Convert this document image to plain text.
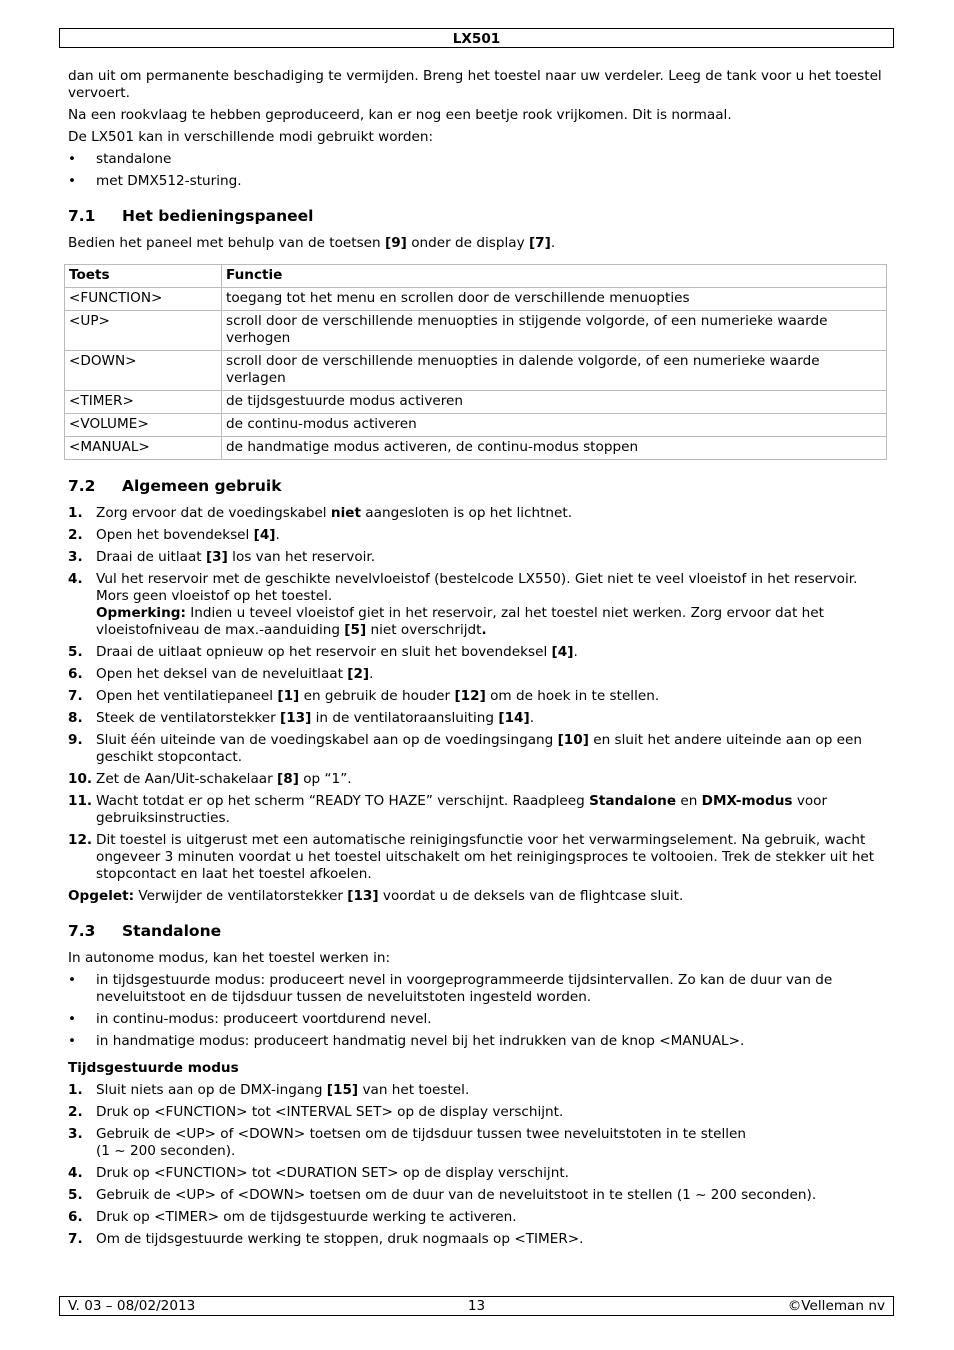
LX501

dan uit om permanente beschadiging te vermijden. Breng het toestel naar uw verdeler. Leeg de tank voor u het toestel vervoert.

Na een rookvlaag te hebben geproduceerd, kan er nog een beetje rook vrijkomen. Dit is normaal.

De LX501 kan in verschillende modi gebruikt worden:

• standalone
• met DMX512-sturing.
7.1 Het bedieningspaneel

Bedien het paneel met behulp van de toetsen [9] onder de display [7].

Toets	Functie
<FUNCTION>	toegang tot het menu en scrollen door de verschillende menuopties
<UP>	scroll door de verschillende menuopties in stijgende volgorde, of een numerieke waarde verhogen
<DOWN>	scroll door de verschillende menuopties in dalende volgorde, of een numerieke waarde verlagen
<TIMER>	de tijdsgestuurde modus activeren
<VOLUME>	de continu-modus activeren
<MANUAL>	de handmatige modus activeren, de continu-modus stoppen
7.2 Algemeen gebruik
1. Zorg ervoor dat de voedingskabel niet aangesloten is op het lichtnet.
2. Open het bovendeksel [4].
3. Draai de uitlaat [3] los van het reservoir.
4. Vul het reservoir met de geschikte nevelvloeistof (bestelcode LX550). Giet niet te veel vloeistof in het reservoir. Mors geen vloeistof op het toestel.
Opmerking: Indien u teveel vloeistof giet in het reservoir, zal het toestel niet werken. Zorg ervoor dat het vloeistofniveau de max.-aanduiding [5] niet overschrijdt.
5. Draai de uitlaat opnieuw op het reservoir en sluit het bovendeksel [4].
6. Open het deksel van de neveluitlaat [2].
7. Open het ventilatiepaneel [1] en gebruik de houder [12] om de hoek in te stellen.
8. Steek de ventilatorstekker [13] in de ventilatoraansluiting [14].
9. Sluit één uiteinde van de voedingskabel aan op de voedingsingang [10] en sluit het andere uiteinde aan op een geschikt stopcontact.
10. Zet de Aan/Uit-schakelaar [8] op “1”.
11. Wacht totdat er op het scherm “READY TO HAZE” verschijnt. Raadpleeg Standalone en DMX-modus voor gebruiksinstructies.
12. Dit toestel is uitgerust met een automatische reinigingsfunctie voor het verwarmingselement. Na gebruik, wacht ongeveer 3 minuten voordat u het toestel uitschakelt om het reinigingsproces te voltooien. Trek de stekker uit het stopcontact en laat het toestel afkoelen.

Opgelet: Verwijder de ventilatorstekker [13] voordat u de deksels van de flightcase sluit.

7.3 Standalone

In autonome modus, kan het toestel werken in:

• in tijdsgestuurde modus: produceert nevel in voorgeprogrammeerde tijdsintervallen. Zo kan de duur van de neveluitstoot en de tijdsduur tussen de neveluitstoten ingesteld worden.
• in continu-modus: produceert voortdurend nevel.
• in handmatige modus: produceert handmatig nevel bij het indrukken van de knop <MANUAL>.
Tijdsgestuurde modus
1. Sluit niets aan op de DMX-ingang [15] van het toestel.
2. Druk op <FUNCTION> tot <INTERVAL SET> op de display verschijnt.
3. Gebruik de <UP> of <DOWN> toetsen om de tijdsduur tussen twee neveluitstoten in te stellen
(1 ~ 200 seconden).
4. Druk op <FUNCTION> tot <DURATION SET> op de display verschijnt.
5. Gebruik de <UP> of <DOWN> toetsen om de duur van de neveluitstoot in te stellen (1 ~ 200 seconden).
6. Druk op <TIMER> om de tijdsgestuurde werking te activeren.
7. Om de tijdsgestuurde werking te stoppen, druk nogmaals op <TIMER>.
V. 03 – 08/02/2013	13	©Velleman nv
